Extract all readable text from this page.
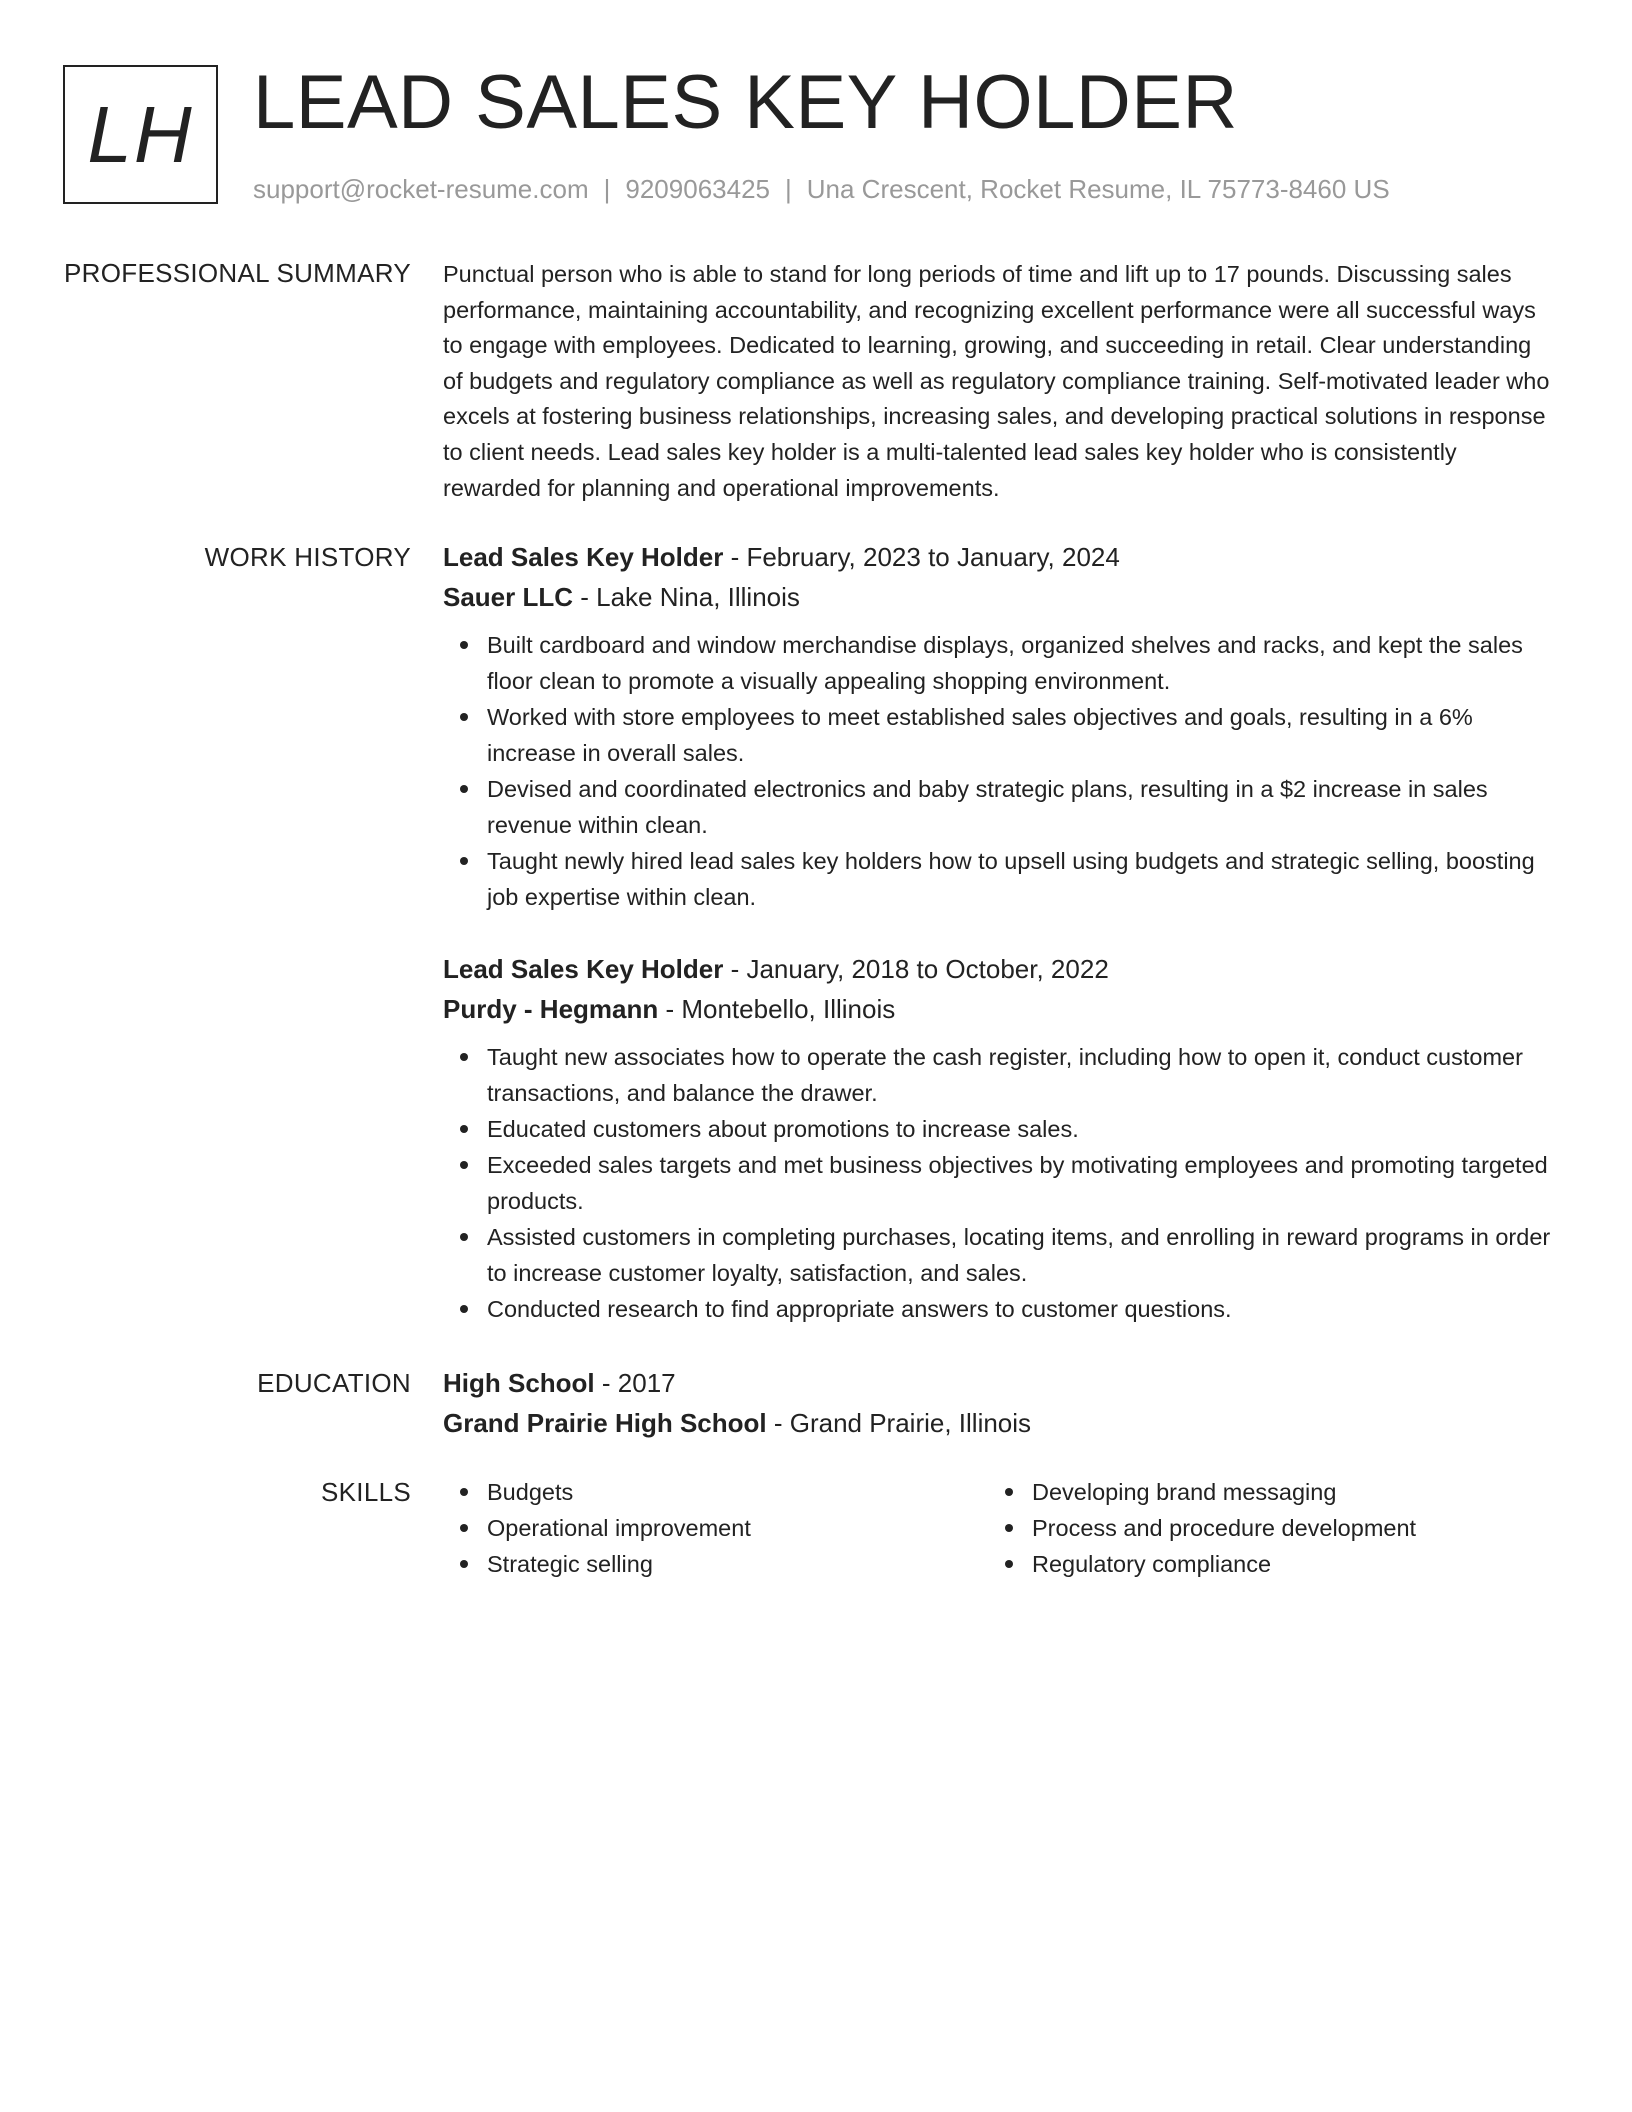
LH LEAD SALES KEY HOLDER
support@rocket-resume.com | 9209063425 | Una Crescent, Rocket Resume, IL 75773-8460 US
PROFESSIONAL SUMMARY Punctual person who is able to stand for long periods of time and lift up to 17 pounds. Discussing sales performance, maintaining accountability, and recognizing excellent performance were all successful ways to engage with employees. Dedicated to learning, growing, and succeeding in retail. Clear understanding of budgets and regulatory compliance as well as regulatory compliance training. Self-motivated leader who excels at fostering business relationships, increasing sales, and developing practical solutions in response to client needs. Lead sales key holder is a multi-talented lead sales key holder who is consistently rewarded for planning and operational improvements.

WORK HISTORY Lead Sales Key Holder - February, 2023 to January, 2024
Sauer LLC - Lake Nina, Illinois
Built cardboard and window merchandise displays, organized shelves and racks, and kept the sales floor clean to promote a visually appealing shopping environment.
Worked with store employees to meet established sales objectives and goals, resulting in a 6% increase in overall sales.
Devised and coordinated electronics and baby strategic plans, resulting in a $2 increase in sales revenue within clean.
Taught newly hired lead sales key holders how to upsell using budgets and strategic selling, boosting job expertise within clean.
Lead Sales Key Holder - January, 2018 to October, 2022
Purdy - Hegmann - Montebello, Illinois
Taught new associates how to operate the cash register, including how to open it, conduct customer transactions, and balance the drawer.
Educated customers about promotions to increase sales.
Exceeded sales targets and met business objectives by motivating employees and promoting targeted products.
Assisted customers in completing purchases, locating items, and enrolling in reward programs in order to increase customer loyalty, satisfaction, and sales.
Conducted research to find appropriate answers to customer questions.
EDUCATION High School - 2017
Grand Prairie High School - Grand Prairie, Illinois
SKILLS	Budgets
Operational improvement
Strategic selling
Developing brand messaging
Process and procedure development
Regulatory compliance
